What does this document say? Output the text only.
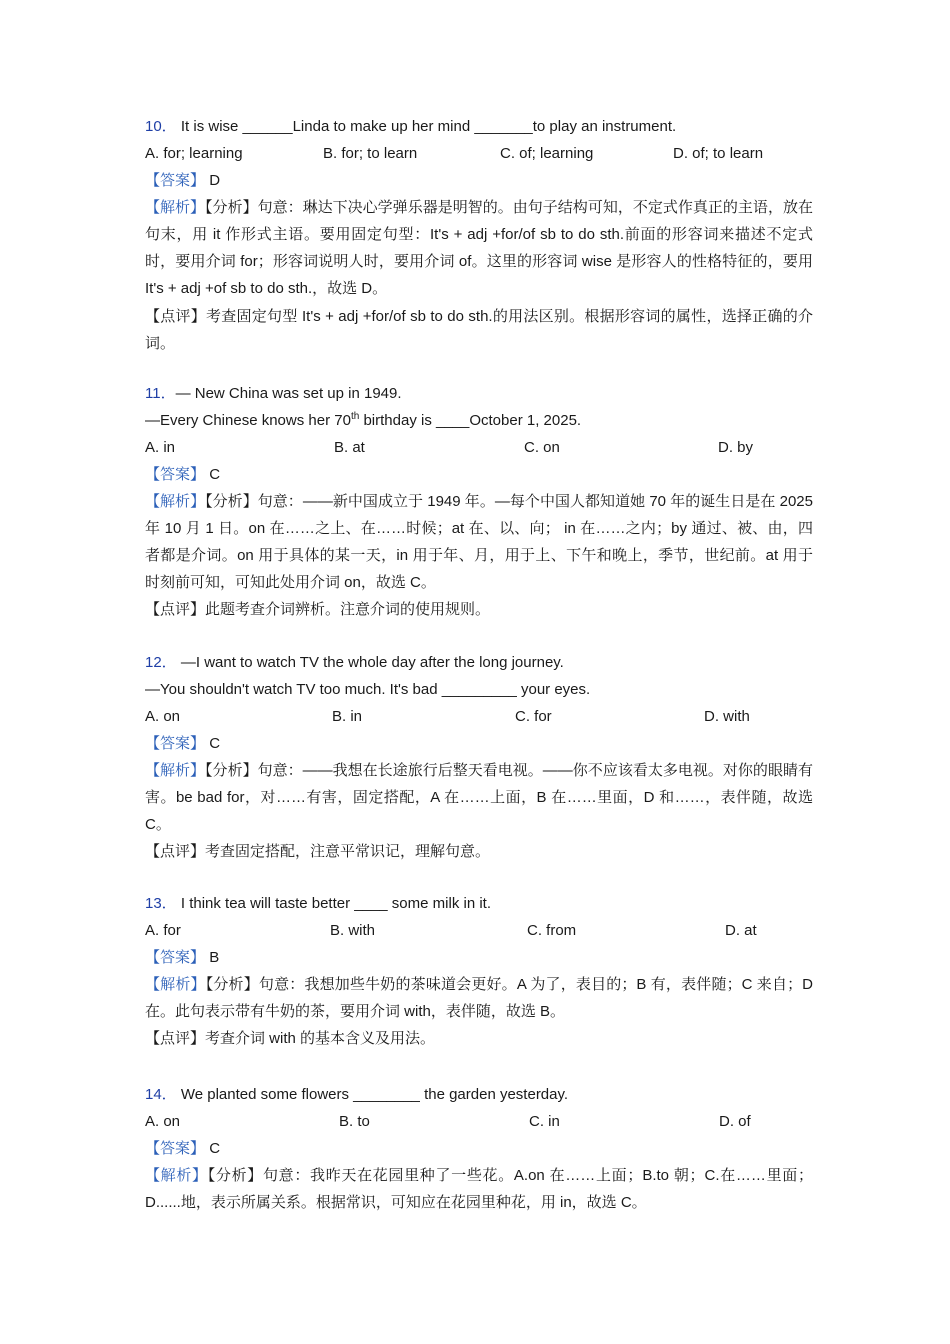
10． It is wise ______Linda to make up her mind _______to play an instrument.
A. for; learning	B. for; to learn	C. of; learning	D. of; to learn
【答案】 D
【解析】【分析】句意：琳达下决心学弹乐器是明智的。由句子结构可知，不定式作真正的主语，放在句末，用 it 作形式主语。要用固定句型：It's + adj +for/of sb to do sth.前面的形容词来描述不定式时，要用介词 for；形容词说明人时，要用介词 of。这里的形容词 wise 是形容人的性格特征的，要用 It's + adj +of sb to do sth.，故选 D。
【点评】考查固定句型 It's + adj +for/of sb to do sth.的用法区别。根据形容词的属性，选择正确的介词。
11．— New China was set up in 1949.
—Every Chinese knows her 70th birthday is ____October 1, 2025.
A. in	B. at	C. on	D. by
【答案】 C
【解析】【分析】句意：——新中国成立于 1949 年。—每个中国人都知道她 70 年的诞生日是在 2025 年 10 月 1 日。on 在……之上、在……时候；at 在、以、向； in 在……之内；by 通过、被、由，四者都是介词。on 用于具体的某一天，in 用于年、月，用于上、下午和晚上，季节，世纪前。at 用于时刻前可知，可知此处用介词 on，故选 C。
【点评】此题考查介词辨析。注意介词的使用规则。
12． —I want to watch TV the whole day after the long journey.
—You shouldn't watch TV too much. It's bad _________ your eyes.
A. on	B. in	C. for	D. with
【答案】 C
【解析】【分析】句意：——我想在长途旅行后整天看电视。——你不应该看太多电视。对你的眼睛有害。be bad for，对……有害，固定搭配，A 在……上面，B 在……里面，D 和……，表伴随，故选 C。
【点评】考查固定搭配，注意平常识记，理解句意。
13． I think tea will taste better ____ some milk in it.
A. for	B. with	C. from	D. at
【答案】 B
【解析】【分析】句意：我想加些牛奶的茶味道会更好。A 为了，表目的；B 有，表伴随；C 来自；D 在。此句表示带有牛奶的茶，要用介词 with，表伴随，故选 B。
【点评】考查介词 with 的基本含义及用法。
14． We planted some flowers ________ the garden yesterday.
A. on	B. to	C. in	D. of
【答案】 C
【解析】【分析】句意：我昨天在花园里种了一些花。A.on 在……上面；B.to 朝；C.在……里面；D......地，表示所属关系。根据常识，可知应在花园里种花，用 in，故选 C。
